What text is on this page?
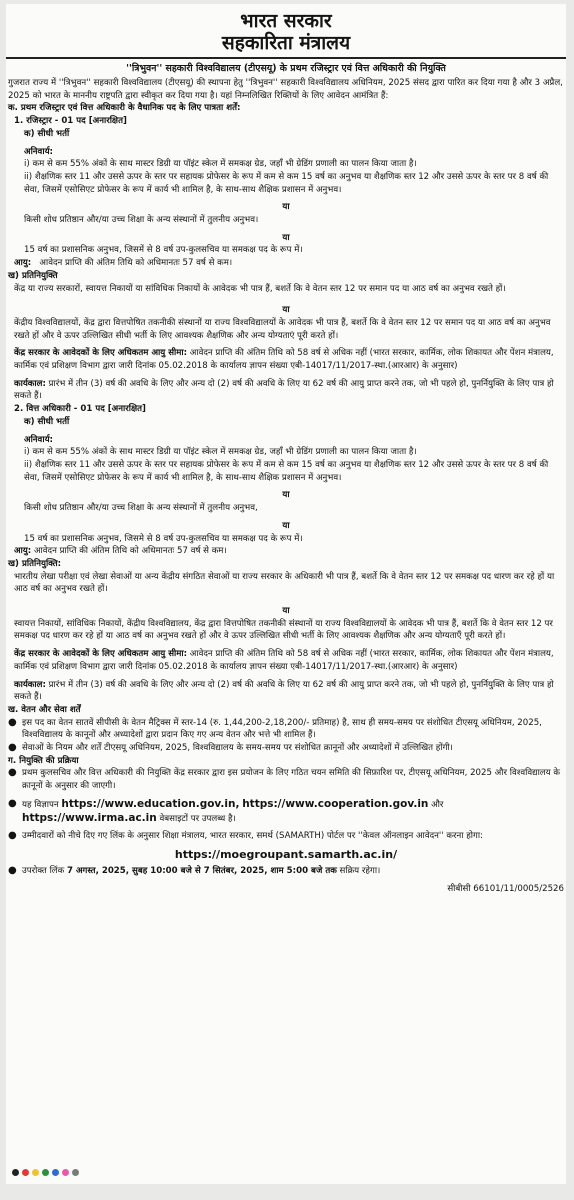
भारत सरकार
सहकारिता मंत्रालय
''त्रिभुवन'' सहकारी विश्वविद्यालय (टीएसयू) के प्रथम रजिस्ट्रार एवं वित्त अधिकारी की नियुक्ति

गुजरात राज्य में ''त्रिभुवन'' सहकारी विश्वविद्यालय (टीएसयू) की स्थापना हेतु ''त्रिभुवन'' सहकारी विश्वविद्यालय अधिनियम, 2025 संसद द्वारा पारित कर दिया गया है और 3 अप्रैल, 2025 को भारत के माननीय राष्ट्रपति द्वारा स्वीकृत कर दिया गया है। यहां निम्नलिखित रिक्तियों के लिए आवेदन आमंत्रित हैं:

क. प्रथम रजिस्ट्रार एवं वित्त अधिकारी के वैधानिक पद के लिए पात्रता शर्तें:

1. रजिस्ट्रार - 01 पद [अनारक्षित]

क) सीधी भर्ती

अनिवार्य:

i) कम से कम 55% अंकों के साथ मास्टर डिग्री या पॉइंट स्केल में समकक्ष ग्रेड, जहाँ भी ग्रेडिंग प्रणाली का पालन किया जाता है।

ii) शैक्षणिक स्तर 11 और उससे ऊपर के स्तर पर सहायक प्रोफेसर के रूप में कम से कम 15 वर्ष का अनुभव या शैक्षणिक स्तर 12 और उससे ऊपर के स्तर पर 8 वर्ष की सेवा, जिसमें एसोसिएट प्रोफेसर के रूप में कार्य भी शामिल है, के साथ-साथ शैक्षिक प्रशासन में अनुभव।

या

किसी शोध प्रतिष्ठान और/या उच्च शिक्षा के अन्य संस्थानों में तुलनीय अनुभव।

या

15 वर्ष का प्रशासनिक अनुभव, जिसमें से 8 वर्ष उप-कुलसचिव या समकक्ष पद के रूप में।

आयु: आवेदन प्राप्ति की अंतिम तिथि को अधिमानतः 57 वर्ष से कम।

ख) प्रतिनियुक्ति

केंद्र या राज्य सरकारों, स्वायत्त निकायों या सांविधिक निकायों के आवेदक भी पात्र हैं, बशर्ते कि वे वेतन स्तर 12 पर समान पद या आठ वर्ष का अनुभव रखते हों।

या

केंद्रीय विश्वविद्यालयों, केंद्र द्वारा वित्तपोषित तकनीकी संस्थानों या राज्य विश्वविद्यालयों के आवेदक भी पात्र हैं, बशर्ते कि वे वेतन स्तर 12 पर समान पद या आठ वर्ष का अनुभव रखते हों और वे ऊपर उल्लिखित सीधी भर्ती के लिए आवश्यक शैक्षणिक और अन्य योग्यताएं पूरी करते हों।

केंद्र सरकार के आवेदकों के लिए अधिकतम आयु सीमा: आवेदन प्राप्ति की अंतिम तिथि को 58 वर्ष से अधिक नहीं (भारत सरकार, कार्मिक, लोक शिकायत और पेंशन मंत्रालय, कार्मिक एवं प्रशिक्षण विभाग द्वारा जारी दिनांक 05.02.2018 के कार्यालय ज्ञापन संख्या एबी-14017/11/2017-स्था.(आरआर) के अनुसार)

कार्यकाल: प्रारंभ में तीन (3) वर्ष की अवधि के लिए और अन्य दो (2) वर्ष की अवधि के लिए या 62 वर्ष की आयु प्राप्त करने तक, जो भी पहले हो, पुनर्नियुक्ति के लिए पात्र हो सकते हैं।

2. वित्त अधिकारी - 01 पद [अनारक्षित]

क) सीधी भर्ती

अनिवार्य:

i) कम से कम 55% अंकों के साथ मास्टर डिग्री या पॉइंट स्केल में समकक्ष ग्रेड, जहाँ भी ग्रेडिंग प्रणाली का पालन किया जाता है।

ii) शैक्षणिक स्तर 11 और उससे ऊपर के स्तर पर सहायक प्रोफेसर के रूप में कम से कम 15 वर्ष का अनुभव या शैक्षणिक स्तर 12 और उससे ऊपर के स्तर पर 8 वर्ष की सेवा, जिसमें एसोसिएट प्रोफेसर के रूप में कार्य भी शामिल है, के साथ-साथ शैक्षिक प्रशासन में अनुभव।

या

किसी शोध प्रतिष्ठान और/या उच्च शिक्षा के अन्य संस्थानों में तुलनीय अनुभव,

या

15 वर्ष का प्रशासनिक अनुभव, जिसमे से 8 वर्ष उप-कुलसचिव या समकक्ष पद के रूप में।

आयु: आवेदन प्राप्ति की अंतिम तिथि को अधिमानतः 57 वर्ष से कम।

ख) प्रतिनियुक्ति:

भारतीय लेखा परीक्षा एवं लेखा सेवाओं या अन्य केंद्रीय संगठित सेवाओं या राज्य सरकार के अधिकारी भी पात्र हैं, बशर्ते कि वे वेतन स्तर 12 पर समकक्ष पद धारण कर रहे हों या आठ वर्ष का अनुभव रखते हों।

या

स्वायत्त निकायों, सांविधिक निकायों, केंद्रीय विश्वविद्यालय, केंद्र द्वारा वित्तपोषित तकनीकी संस्थानों या राज्य विश्वविद्यालयों के आवेदक भी पात्र हैं, बशर्ते कि वे वेतन स्तर 12 पर समकक्ष पद धारण कर रहे हों या आठ वर्ष का अनुभव रखते हों और वे ऊपर उल्लिखित सीधी भर्ती के लिए आवश्यक शैक्षणिक और अन्य योग्यताएँ पूरी करते हों।

केंद्र सरकार के आवेदकों के लिए अधिकतम आयु सीमा: आवेदन प्राप्ति की अंतिम तिथि को 58 वर्ष से अधिक नहीं (भारत सरकार, कार्मिक, लोक शिकायत और पेंशन मंत्रालय, कार्मिक एवं प्रशिक्षण विभाग द्वारा जारी दिनांक 05.02.2018 के कार्यालय ज्ञापन संख्या एबी-14017/11/2017-स्था.(आरआर) के अनुसार)

कार्यकाल: प्रारंभ में तीन (3) वर्ष की अवधि के लिए और अन्य दो (2) वर्ष की अवधि के लिए या 62 वर्ष की आयु प्राप्त करने तक, जो भी पहले हो, पुनर्नियुक्ति के लिए पात्र हो सकते हैं।

ख. वेतन और सेवा शर्तें

● इस पद का वेतन सातवें सीपीसी के वेतन मैट्रिक्स में स्तर-14 (रु. 1,44,200-2,18,200/- प्रतिमाह) है, साथ ही समय-समय पर संशोधित टीएसयू अधिनियम, 2025, विश्वविद्यालय के कानूनों और अध्यादेशों द्वारा प्रदान किए गए अन्य वेतन और भत्ते भी शामिल हैं।
● सेवाओं के नियम और शर्तें टीएसयू अधिनियम, 2025, विश्वविद्यालय के समय-समय पर संशोधित क़ानूनों और अध्यादेशों में उल्लिखित होंगी।

ग. नियुक्ति की प्रक्रिया

● प्रथम कुलसचिव और वित्त अधिकारी की नियुक्ति केंद्र सरकार द्वारा इस प्रयोजन के लिए गठित चयन समिति की सिफ़ारिश पर, टीएसयू अधिनियम, 2025 और विश्वविद्यालय के क़ानूनों के अनुसार की जाएगी।
● यह विज्ञापन https://www.education.gov.in, https://www.cooperation.gov.in और https://www.irma.ac.in वेबसाइटों पर उपलब्ध है।
● उम्मीदवारों को नीचे दिए गए लिंक के अनुसार शिक्षा मंत्रालय, भारत सरकार, समर्थ (SAMARTH) पोर्टल पर ''केवल ऑनलाइन आवेदन'' करना होगा:
https://moegroupant.samarth.ac.in/
● उपरोक्त लिंक 7 अगस्त, 2025, सुबह 10:00 बजे से 7 सितंबर, 2025, शाम 5:00 बजे तक सक्रिय रहेगा।
सीबीसी 66101/11/0005/2526
